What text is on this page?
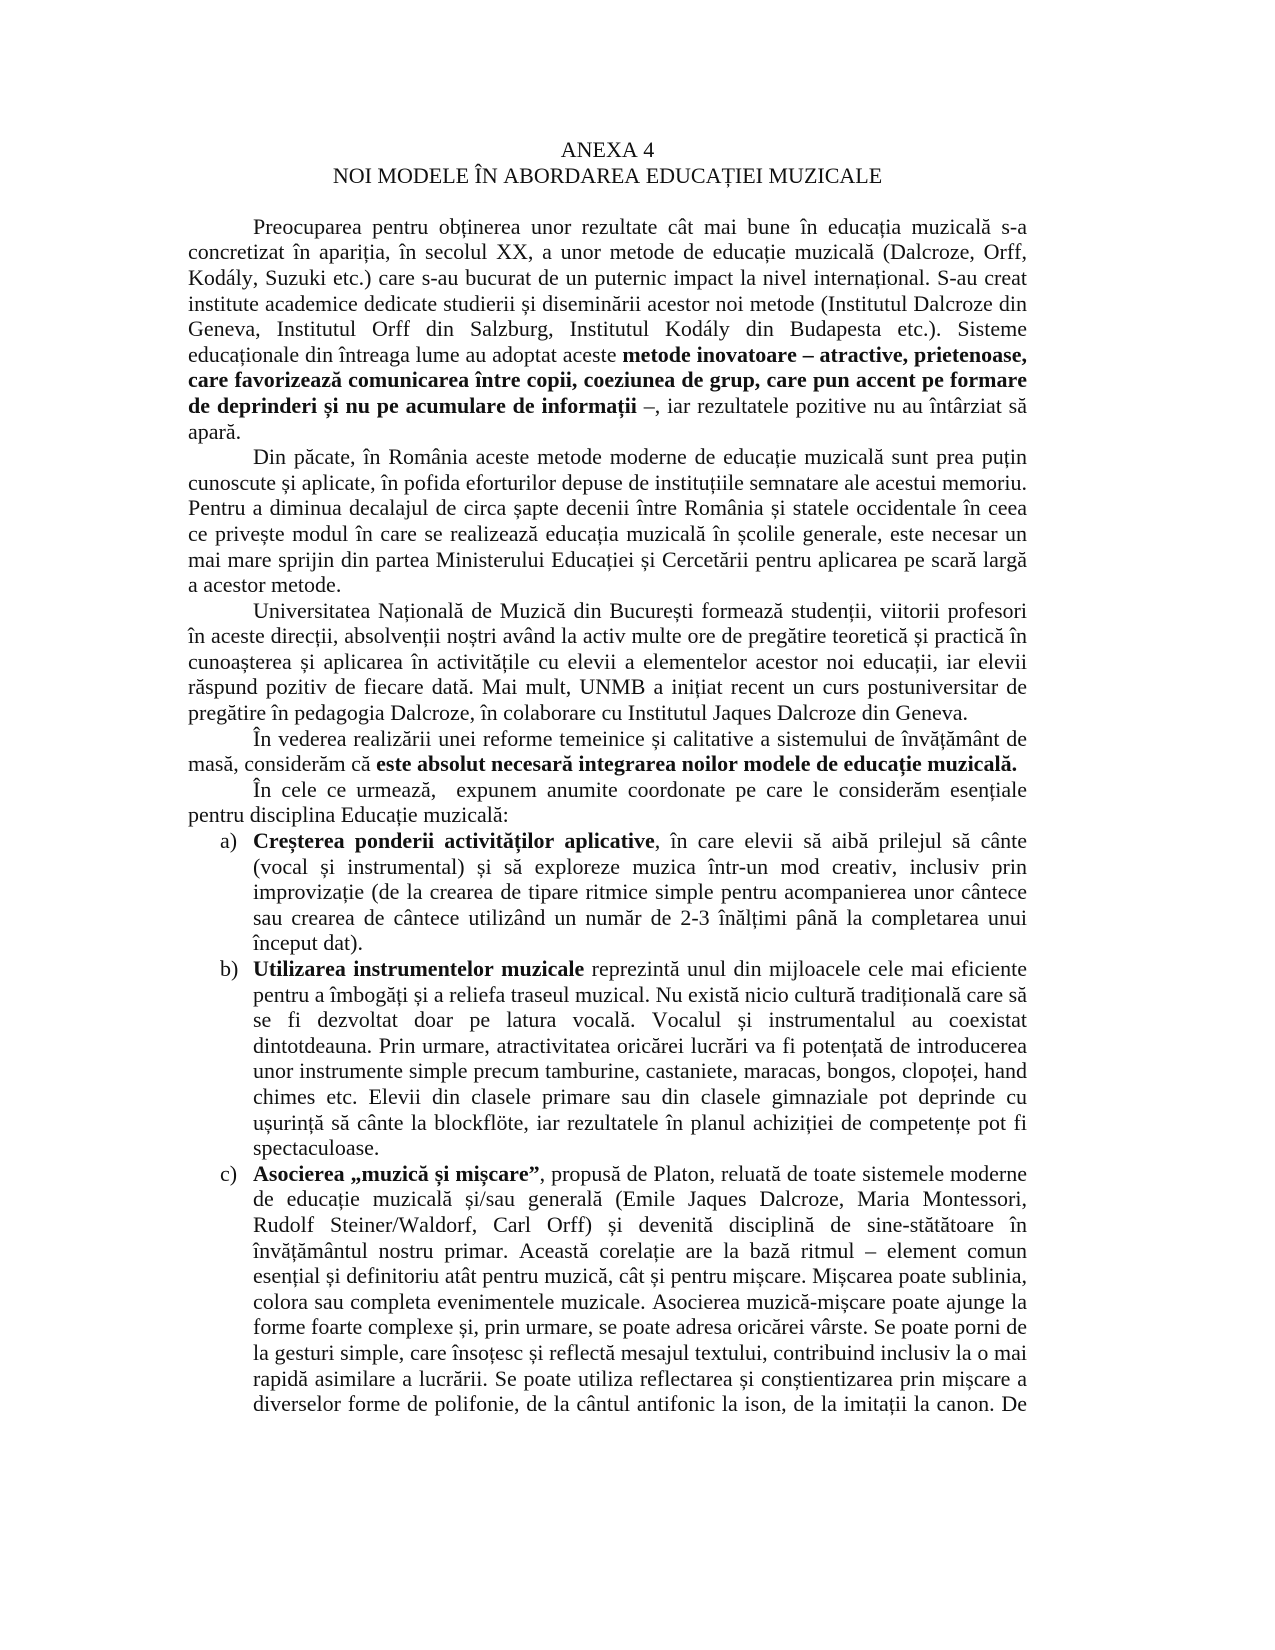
ANEXA 4
NOI MODELE ÎN ABORDAREA EDUCAȚIEI MUZICALE

Preocuparea pentru obținerea unor rezultate cât mai bune în educația muzicală s-a concretizat în apariția, în secolul XX, a unor metode de educație muzicală (Dalcroze, Orff, Kodály, Suzuki etc.) care s-au bucurat de un puternic impact la nivel internațional. S-au creat institute academice dedicate studierii și diseminării acestor noi metode (Institutul Dalcroze din Geneva, Institutul Orff din Salzburg, Institutul Kodály din Budapesta etc.). Sisteme educaționale din întreaga lume au adoptat aceste metode inovatoare – atractive, prietenoase, care favorizează comunicarea între copii, coeziunea de grup, care pun accent pe formare de deprinderi și nu pe acumulare de informații –, iar rezultatele pozitive nu au întârziat să apară.

Din păcate, în România aceste metode moderne de educație muzicală sunt prea puțin cunoscute și aplicate, în pofida eforturilor depuse de instituțiile semnatare ale acestui memoriu. Pentru a diminua decalajul de circa șapte decenii între România și statele occidentale în ceea ce privește modul în care se realizează educația muzicală în școlile generale, este necesar un mai mare sprijin din partea Ministerului Educației și Cercetării pentru aplicarea pe scară largă a acestor metode.

Universitatea Națională de Muzică din București formează studenții, viitorii profesori în aceste direcții, absolvenții noștri având la activ multe ore de pregătire teoretică și practică în cunoașterea și aplicarea în activitățile cu elevii a elementelor acestor noi educații, iar elevii răspund pozitiv de fiecare dată. Mai mult, UNMB a inițiat recent un curs postuniversitar de pregătire în pedagogia Dalcroze, în colaborare cu Institutul Jaques Dalcroze din Geneva.

În vederea realizării unei reforme temeinice și calitative a sistemului de învățământ de masă, considerăm că este absolut necesară integrarea noilor modele de educație muzicală.

În cele ce urmează,  expunem anumite coordonate pe care le considerăm esențiale pentru disciplina Educație muzicală:

a) Creșterea ponderii activităților aplicative, în care elevii să aibă prilejul să cânte (vocal și instrumental) și să exploreze muzica într-un mod creativ, inclusiv prin improvizație (de la crearea de tipare ritmice simple pentru acompanierea unor cântece sau crearea de cântece utilizând un număr de 2-3 înălțimi până la completarea unui început dat).
b) Utilizarea instrumentelor muzicale reprezintă unul din mijloacele cele mai eficiente pentru a îmbogăți și a reliefa traseul muzical. Nu există nicio cultură tradițională care să se fi dezvoltat doar pe latura vocală. Vocalul și instrumentalul au coexistat dintotdeauna. Prin urmare, atractivitatea oricărei lucrări va fi potențată de introducerea unor instrumente simple precum tamburine, castaniete, maracas, bongos, clopoței, hand chimes etc. Elevii din clasele primare sau din clasele gimnaziale pot deprinde cu ușurință să cânte la blockflöte, iar rezultatele în planul achiziției de competențe pot fi spectaculoase.
c) Asocierea „muzică și mișcare”, propusă de Platon, reluată de toate sistemele moderne de educație muzicală și/sau generală (Emile Jaques Dalcroze, Maria Montessori, Rudolf Steiner/Waldorf, Carl Orff) și devenită disciplină de sine-stătătoare în învățământul nostru primar. Această corelație are la bază ritmul – element comun esențial și definitoriu atât pentru muzică, cât și pentru mișcare. Mișcarea poate sublinia, colora sau completa evenimentele muzicale. Asocierea muzică-mișcare poate ajunge la forme foarte complexe și, prin urmare, se poate adresa oricărei vârste. Se poate porni de la gesturi simple, care însoțesc și reflectă mesajul textului, contribuind inclusiv la o mai rapidă asimilare a lucrării. Se poate utiliza reflectarea și conștientizarea prin mișcare a diverselor forme de polifonie, de la cântul antifonic la ison, de la imitații la canon. De
